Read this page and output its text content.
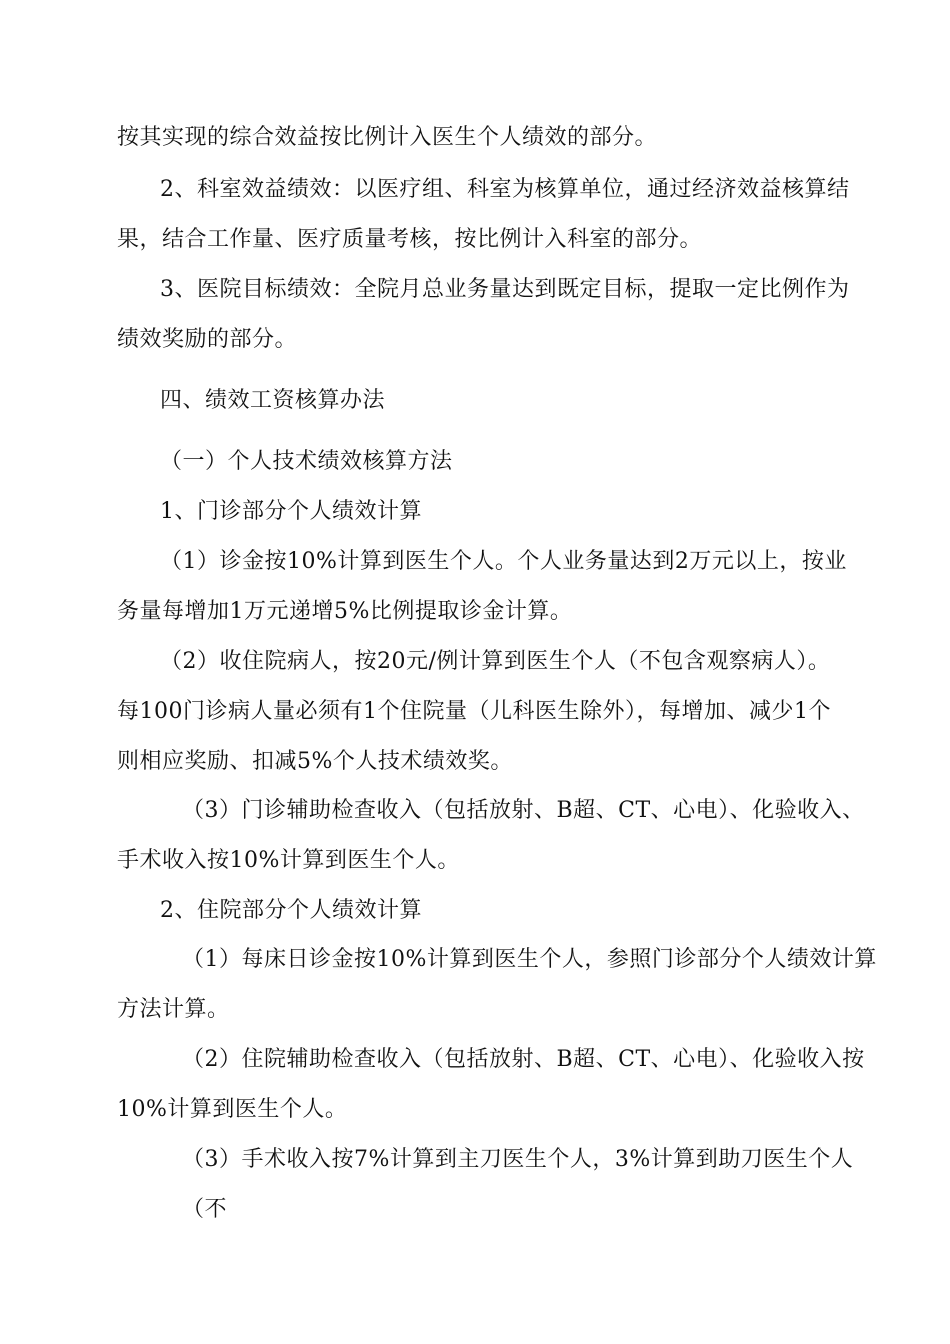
按其实现的综合效益按比例计入医生个人绩效的部分。
2、科室效益绩效：以医疗组、科室为核算单位，通过经济效益核算结
果，结合工作量、医疗质量考核，按比例计入科室的部分。
3、医院目标绩效：全院月总业务量达到既定目标，提取一定比例作为
绩效奖励的部分。
四、绩效工资核算办法
（一）个人技术绩效核算方法
1、门诊部分个人绩效计算
（1）诊金按10%计算到医生个人。个人业务量达到2万元以上，按业
务量每增加1万元递增5%比例提取诊金计算。
（2）收住院病人，按20元/例计算到医生个人（不包含观察病人）。
每100门诊病人量必须有1个住院量（儿科医生除外），每增加、减少1个
则相应奖励、扣减5%个人技术绩效奖。
（3）门诊辅助检查收入（包括放射、B超、CT、心电）、化验收入、
手术收入按10%计算到医生个人。
2、住院部分个人绩效计算
（1）每床日诊金按10%计算到医生个人，参照门诊部分个人绩效计算
方法计算。
（2）住院辅助检查收入（包括放射、B超、CT、心电）、化验收入按
10%计算到医生个人。
（3）手术收入按7%计算到主刀医生个人，3%计算到助刀医生个人
（不
